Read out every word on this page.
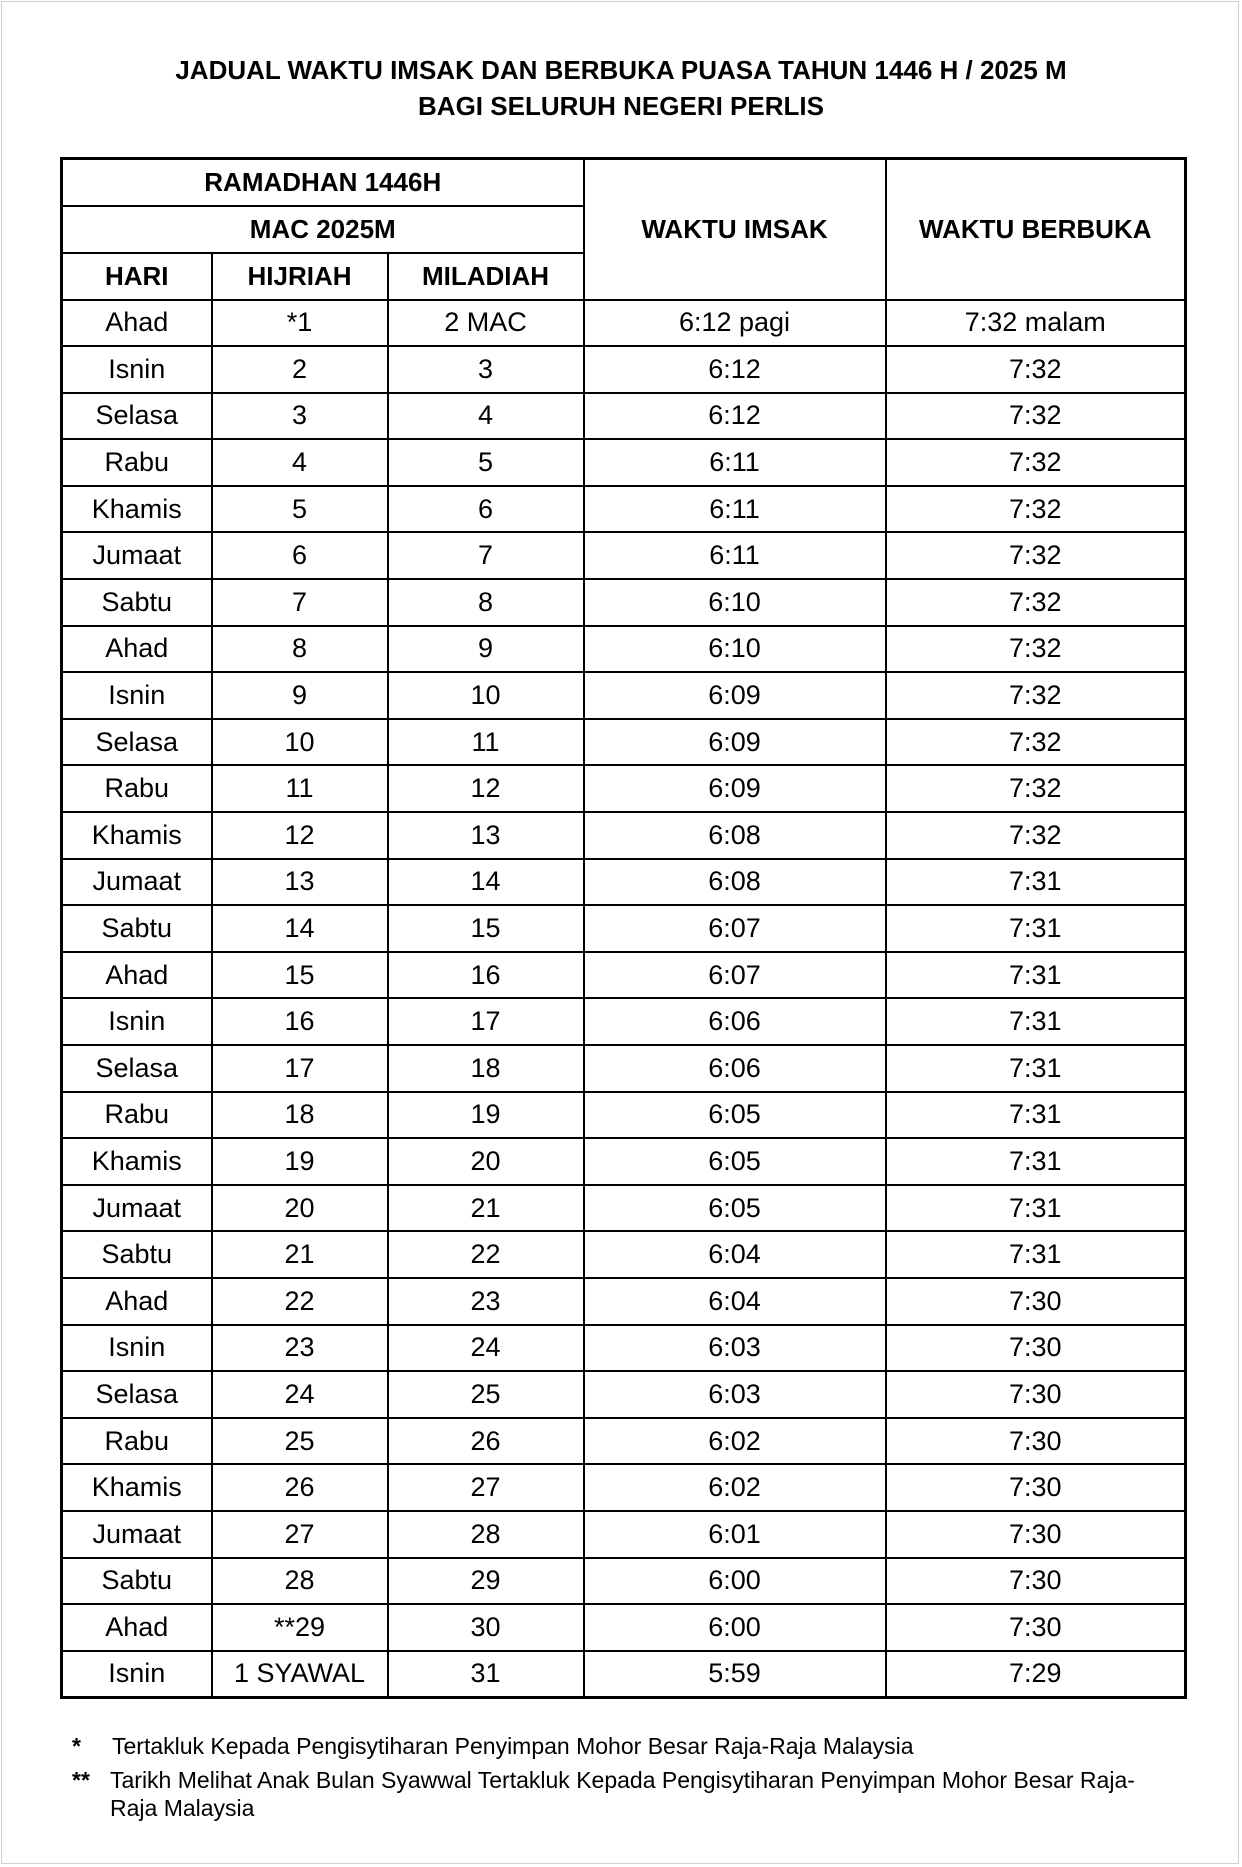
JADUAL WAKTU IMSAK DAN BERBUKA PUASA TAHUN 1446 H / 2025 M
BAGI SELURUH NEGERI PERLIS
RAMADHAN 1446H			WAKTU IMSAK	WAKTU BERBUKA
MAC 2025M				
HARI	HIJRIAH	MILADIAH		
Ahad	*1	2 MAC	6:12 pagi	7:32 malam
Isnin	2	3	6:12	7:32
Selasa	3	4	6:12	7:32
Rabu	4	5	6:11	7:32
Khamis	5	6	6:11	7:32
Jumaat	6	7	6:11	7:32
Sabtu	7	8	6:10	7:32
Ahad	8	9	6:10	7:32
Isnin	9	10	6:09	7:32
Selasa	10	11	6:09	7:32
Rabu	11	12	6:09	7:32
Khamis	12	13	6:08	7:32
Jumaat	13	14	6:08	7:31
Sabtu	14	15	6:07	7:31
Ahad	15	16	6:07	7:31
Isnin	16	17	6:06	7:31
Selasa	17	18	6:06	7:31
Rabu	18	19	6:05	7:31
Khamis	19	20	6:05	7:31
Jumaat	20	21	6:05	7:31
Sabtu	21	22	6:04	7:31
Ahad	22	23	6:04	7:30
Isnin	23	24	6:03	7:30
Selasa	24	25	6:03	7:30
Rabu	25	26	6:02	7:30
Khamis	26	27	6:02	7:30
Jumaat	27	28	6:01	7:30
Sabtu	28	29	6:00	7:30
Ahad	**29	30	6:00	7:30
Isnin	1 SYAWAL	31	5:59	7:29
* Tertakluk Kepada Pengisytiharan Penyimpan Mohor Besar Raja-Raja Malaysia
** Tarikh Melihat Anak Bulan Syawwal Tertakluk Kepada Pengisytiharan Penyimpan Mohor Besar Raja-Raja Malaysia
